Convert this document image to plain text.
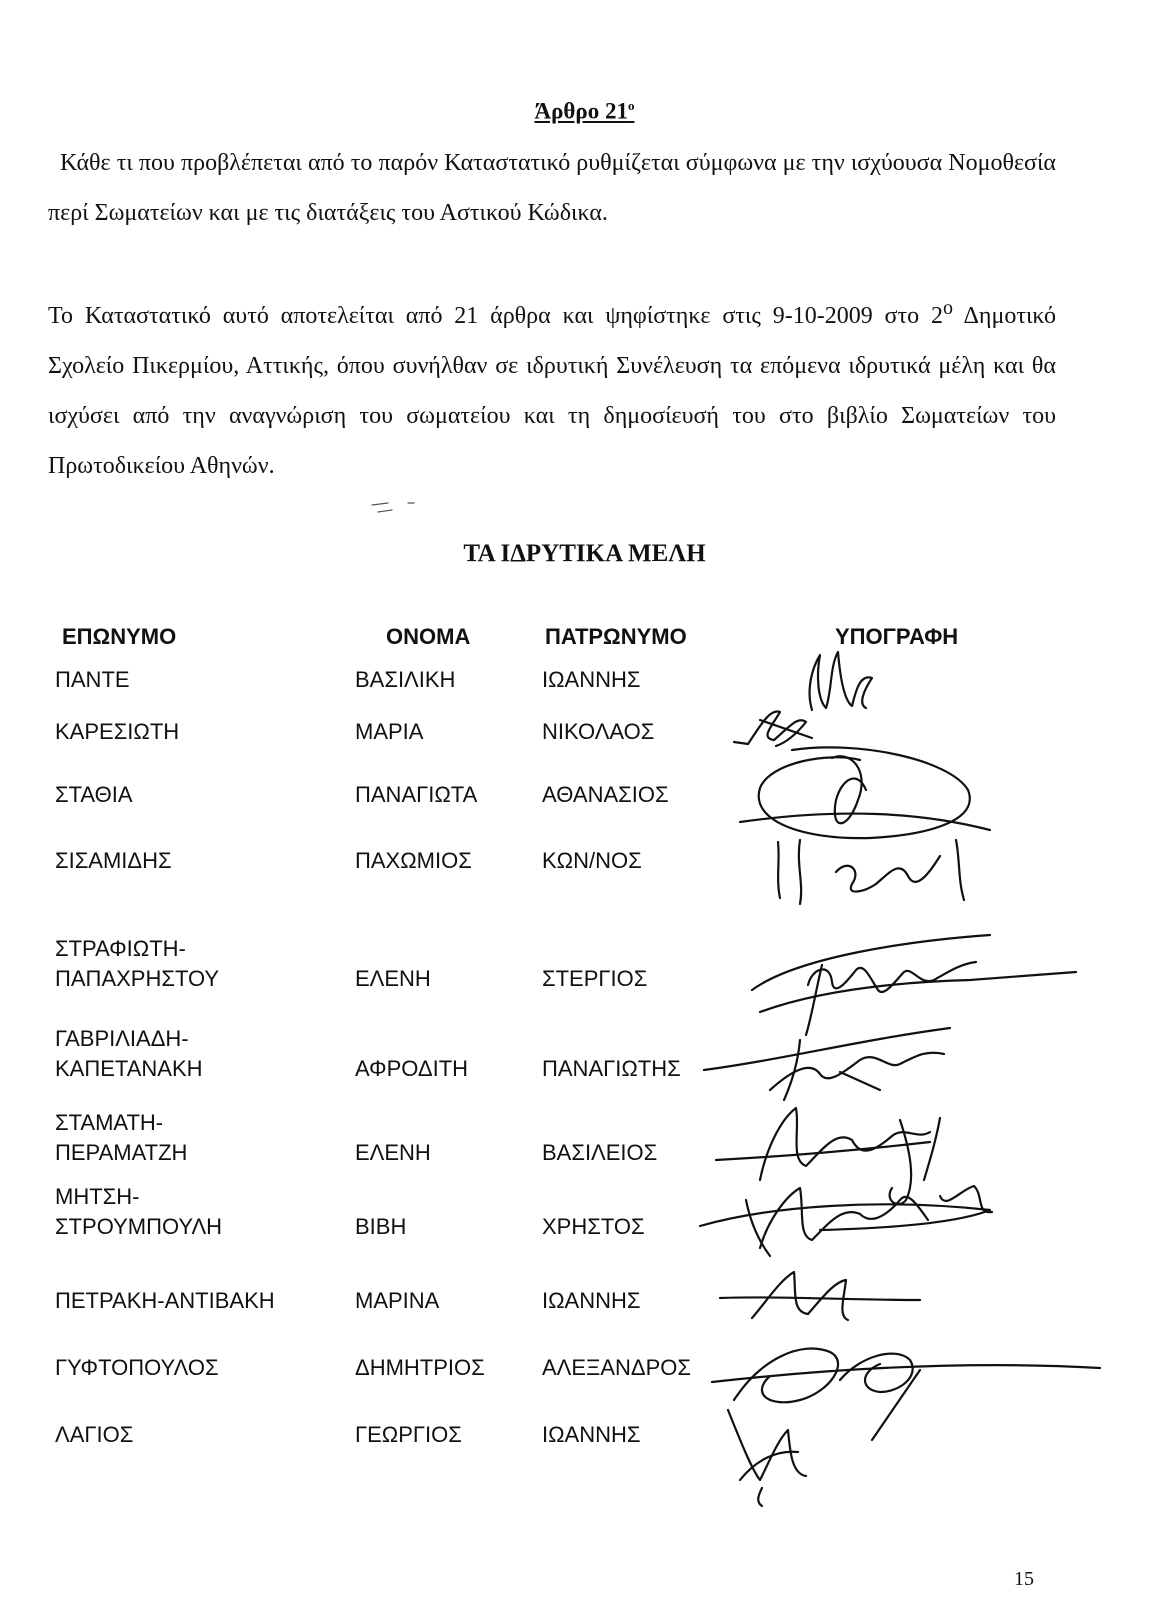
Άρθρο $21^o$

Κάθε τι που προβλέπεται από το παρόν Καταστατικό ρυθμίζεται σύμφωνα με την ισχύουσα Νομοθεσία περί Σωματείων και με τις διατάξεις του Αστικού Κώδικα.

Το Καταστατικό αυτό αποτελείται από 21 άρθρα και ψηφίστηκε στις 9-10-2009 στο $2^o$ Δημοτικό Σχολείο Πικερμίου, Αττικής, όπου συνήλθαν σε ιδρυτική Συνέλευση τα επόμενα ιδρυτικά μέλη και θα ισχύσει από την αναγνώριση του σωματείου και τη δημοσίευσή του στο βιβλίο Σωματείων του Πρωτοδικείου Αθηνών.

ΤΑ ΙΔΡΥΤΙΚΑ ΜΕΛΗ
ΕΠΩΝΥΜΟ	ΟΝΟΜΑ	ΠΑΤΡΩΝΥΜΟ	ΥΠΟΓΡΑΦΗ
ΠΑΝΤΕ	ΒΑΣΙΛΙΚΗ	ΙΩΑΝΝΗΣ
ΚΑΡΕΣΙΩΤΗ	ΜΑΡΙΑ	ΝΙΚΟΛΑΟΣ
ΣΤΑΘΙΑ	ΠΑΝΑΓΙΩΤΑ	ΑΘΑΝΑΣΙΟΣ
ΣΙΣΑΜΙΔΗΣ	ΠΑΧΩΜΙΟΣ	ΚΩΝ/ΝΟΣ
ΣΤΡΑΦΙΩΤΗ-
ΠΑΠΑΧΡΗΣΤΟΥ	ΕΛΕΝΗ	ΣΤΕΡΓΙΟΣ
ΓΑΒΡΙΛΙΑΔΗ-
ΚΑΠΕΤΑΝΑΚΗ	ΑΦΡΟΔΙΤΗ	ΠΑΝΑΓΙΩΤΗΣ
ΣΤΑΜΑΤΗ-
ΠΕΡΑΜΑΤΖΗ	ΕΛΕΝΗ	ΒΑΣΙΛΕΙΟΣ
ΜΗΤΣΗ-
ΣΤΡΟΥΜΠΟΥΛΗ	ΒΙΒΗ	ΧΡΗΣΤΟΣ
ΠΕΤΡΑΚΗ-ΑΝΤΙΒΑΚΗ	ΜΑΡΙΝΑ	ΙΩΑΝΝΗΣ
ΓΥΦΤΟΠΟΥΛΟΣ	ΔΗΜΗΤΡΙΟΣ	ΑΛΕΞΑΝΔΡΟΣ
ΛΑΓΙΟΣ	ΓΕΩΡΓΙΟΣ	ΙΩΑΝΝΗΣ
15
